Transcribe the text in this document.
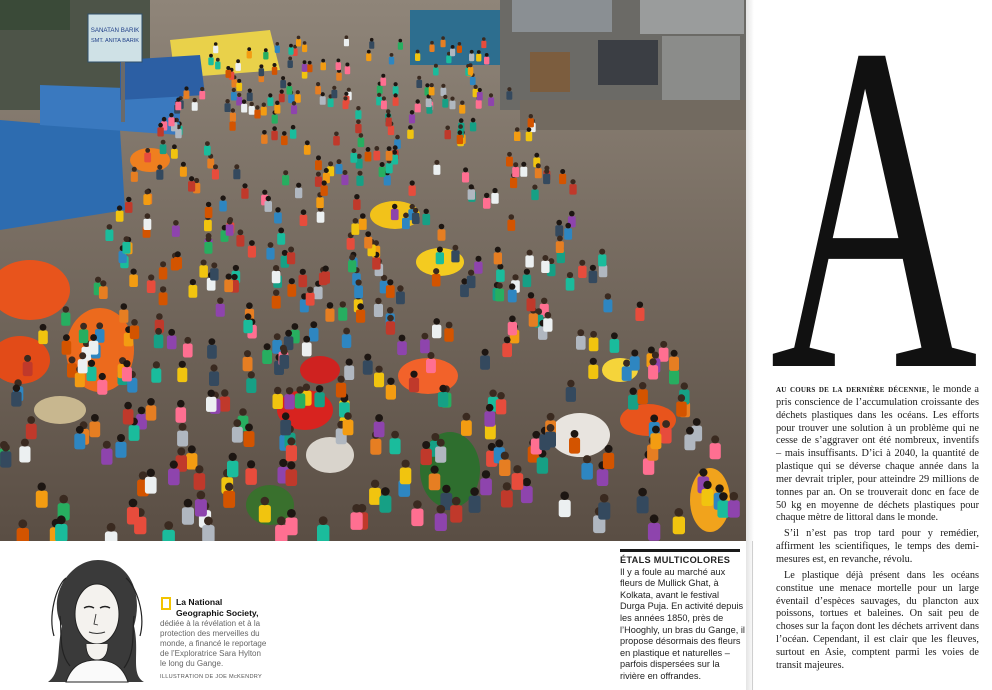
SANATAN BARIK
SMT. ANITA BARIK A

au cours de la dernière décennie, le monde a pris conscience de l’accumulation croissante des déchets plastiques dans les océans. Les efforts pour trouver une solution à un problème qui ne cesse de s’aggraver ont été nombreux, inventifs – mais insuffisants. D’ici à 2040, la quantité de plastique qui se déverse chaque année dans la mer devrait tripler, pour atteindre 29 millions de tonnes par an. On se trouverait donc en face de 50 kg en moyenne de déchets plastiques pour chaque mètre de littoral dans le monde.

S’il n’est pas trop tard pour y remédier, affirment les scientifiques, le temps des demi-mesures est, en revanche, révolu.

Le plastique déjà présent dans les océans constitue une menace mortelle pour un large éventail d’espèces sauvages, du plancton aux poissons, tortues et baleines. On sait peu de choses sur la façon dont les déchets arrivent dans l’océan. Cependant, il est clair que les fleuves, surtout en Asie, comptent parmi les voies de transit majeures.

ÉTALS MULTICOLORES
Il y a foule au marché aux fleurs de Mullick Ghat, à Kolkata, avant le festival Durga Puja. En activité depuis les années 1850, près de l’Hooghly, un bras du Gange, il propose désormais des fleurs en plastique et naturelles – parfois dispersées sur la rivière en offrandes.
La National Geographic Society,
dédiée à la révélation et à la protection des merveilles du monde, a financé le reportage de l’Exploratrice Sara Hylton le long du Gange.
ILLUSTRATION DE JOE McKENDRY
